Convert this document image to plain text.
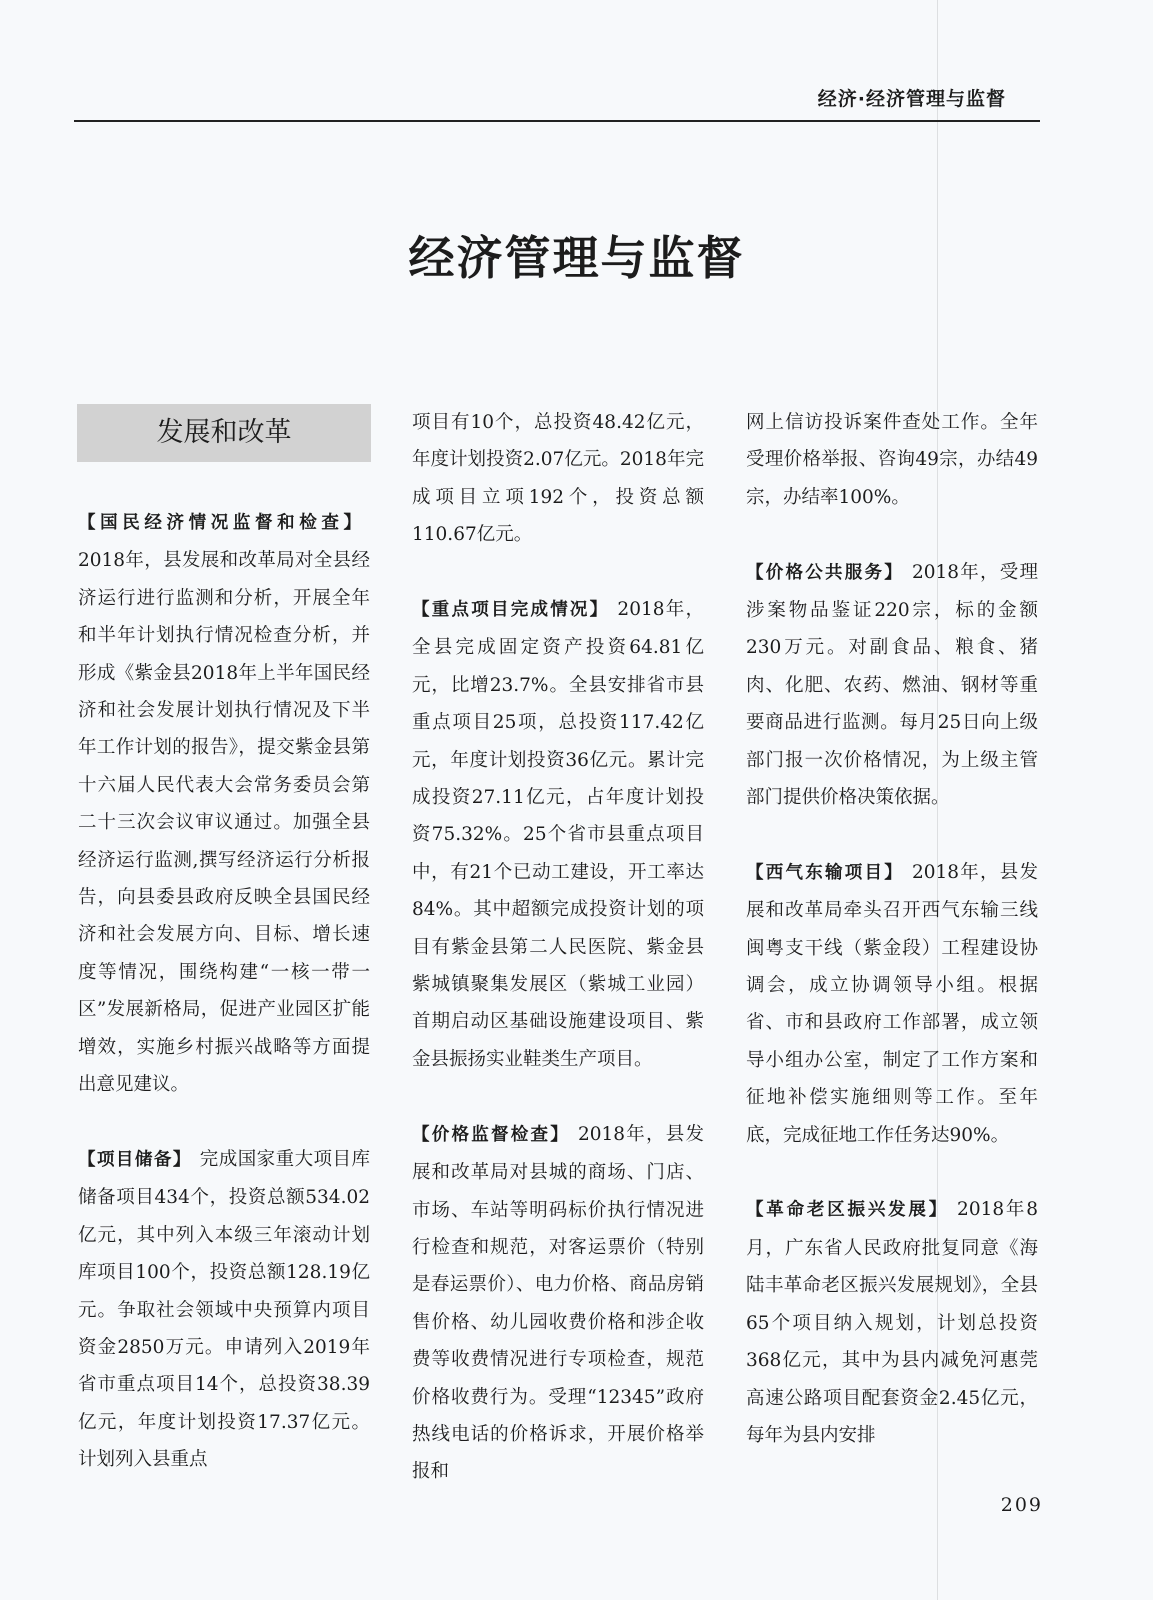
经济·经济管理与监督
经济管理与监督
发展和改革

【国民经济情况监督和检查】2018年，县发展和改革局对全县经济运行进行监测和分析，开展全年和半年计划执行情况检查分析，并形成《紫金县2018年上半年国民经济和社会发展计划执行情况及下半年工作计划的报告》，提交紫金县第十六届人民代表大会常务委员会第二十三次会议审议通过。加强全县经济运行监测,撰写经济运行分析报告，向县委县政府反映全县国民经济和社会发展方向、目标、增长速度等情况，围绕构建“一核一带一区”发展新格局，促进产业园区扩能增效，实施乡村振兴战略等方面提出意见建议。

【项目储备】 完成国家重大项目库储备项目434个，投资总额534.02亿元，其中列入本级三年滚动计划库项目100个，投资总额128.19亿元。争取社会领域中央预算内项目资金2850万元。申请列入2019年省市重点项目14个，总投资38.39亿元，年度计划投资17.37亿元。计划列入县重点

项目有10个，总投资48.42亿元，年度计划投资2.07亿元。2018年完成项目立项192个，投资总额110.67亿元。

【重点项目完成情况】 2018年，全县完成固定资产投资64.81亿元，比增23.7%。全县安排省市县重点项目25项，总投资117.42亿元，年度计划投资36亿元。累计完成投资27.11亿元，占年度计划投资75.32%。25个省市县重点项目中，有21个已动工建设，开工率达84%。其中超额完成投资计划的项目有紫金县第二人民医院、紫金县紫城镇聚集发展区（紫城工业园）首期启动区基础设施建设项目、紫金县振扬实业鞋类生产项目。

【价格监督检查】 2018年，县发展和改革局对县城的商场、门店、市场、车站等明码标价执行情况进行检查和规范，对客运票价（特别是春运票价）、电力价格、商品房销售价格、幼儿园收费价格和涉企收费等收费情况进行专项检查，规范价格收费行为。受理“12345”政府热线电话的价格诉求，开展价格举报和

网上信访投诉案件查处工作。全年受理价格举报、咨询49宗，办结49宗，办结率100%。

【价格公共服务】 2018年，受理涉案物品鉴证220宗，标的金额230万元。对副食品、粮食、猪肉、化肥、农药、燃油、钢材等重要商品进行监测。每月25日向上级部门报一次价格情况，为上级主管部门提供价格决策依据。

【西气东输项目】 2018年，县发展和改革局牵头召开西气东输三线闽粤支干线（紫金段）工程建设协调会，成立协调领导小组。根据省、市和县政府工作部署，成立领导小组办公室，制定了工作方案和征地补偿实施细则等工作。至年底，完成征地工作任务达90%。

【革命老区振兴发展】 2018年8月，广东省人民政府批复同意《海陆丰革命老区振兴发展规划》，全县65个项目纳入规划，计划总投资368亿元，其中为县内减免河惠莞高速公路项目配套资金2.45亿元，每年为县内安排

209
